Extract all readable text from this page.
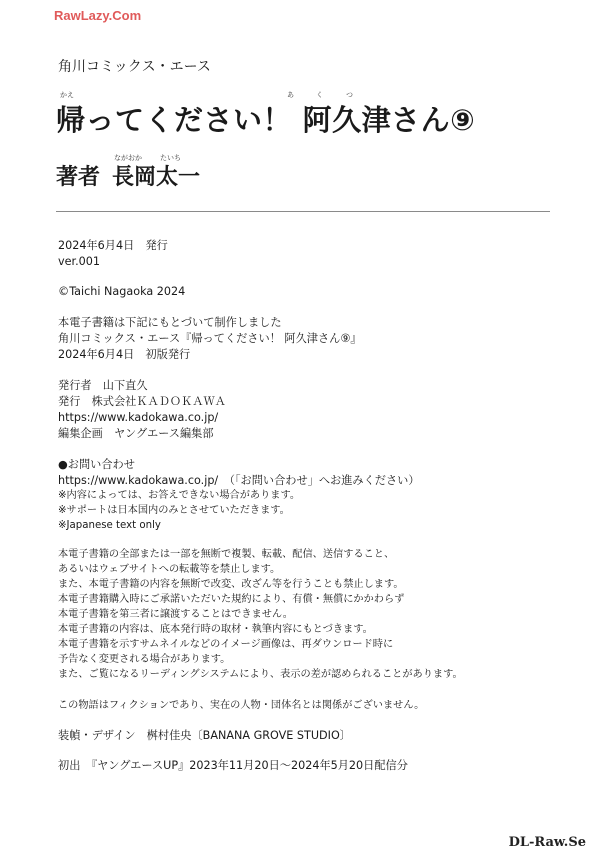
RawLazy.Com
角川コミックス・エース
かえ	あ	く	つ
帰ってください！ 阿久津さん⑨
ながおか	たいち
著者 長岡太一
2024年6月4日　発行
ver.001
©Taichi Nagaoka 2024
本電子書籍は下記にもとづいて制作しました
角川コミックス・エース『帰ってください！ 阿久津さん⑨』
2024年6月4日　初版発行
発行者　山下直久
発行　株式会社ＫＡＤＯＫＡＷＡ
https://www.kadokawa.co.jp/
編集企画　ヤングエース編集部
●お問い合わせ
https://www.kadokawa.co.jp/　（「お問い合わせ」へお進みください）
※内容によっては、お答えできない場合があります。
※サポートは日本国内のみとさせていただきます。
※Japanese text only
本電子書籍の全部または一部を無断で複製、転載、配信、送信すること、
あるいはウェブサイトへの転載等を禁止します。
また、本電子書籍の内容を無断で改変、改ざん等を行うことも禁止します。
本電子書籍購入時にご承諾いただいた規約により、有償・無償にかかわらず
本電子書籍を第三者に譲渡することはできません。
本電子書籍の内容は、底本発行時の取材・執筆内容にもとづきます。
本電子書籍を示すサムネイルなどのイメージ画像は、再ダウンロード時に
予告なく変更される場合があります。
また、ご覧になるリーディングシステムにより、表示の差が認められることがあります。
この物語はフィクションであり、実在の人物・団体名とは関係がございません。
装幀・デザイン　桝村佳央〔BANANA GROVE STUDIO〕
初出　『ヤングエースUP』2023年11月20日〜2024年5月20日配信分
DL-Raw.Se
